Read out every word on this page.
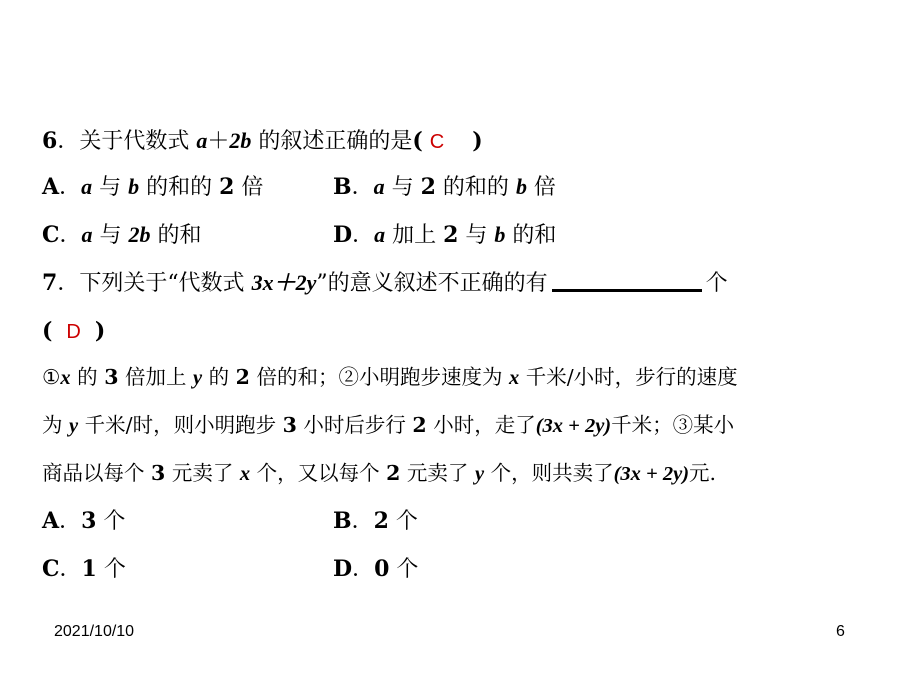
6．关于代数式 a＋2b 的叙述正确的是( C )
A．a 与 b 的和的 2 倍	B．a 与 2 的和的 b 倍
C．a 与 2b 的和	D．a 加上 2 与 b 的和
7．下列关于“代数式 3x＋2y”的意义叙述不正确的有	个
( D )
①x 的 3 倍加上 y 的 2 倍的和；②小明跑步速度为 x 千米/小时，步行的速度
为 y 千米/时，则小明跑步 3 小时后步行 2 小时，走了(3x + 2y)千米；③某小
商品以每个 3 元卖了 x 个，又以每个 2 元卖了 y 个，则共卖了(3x + 2y)元.
A．3 个	B．2 个
C．1 个	D．0 个
2021/10/10	6
